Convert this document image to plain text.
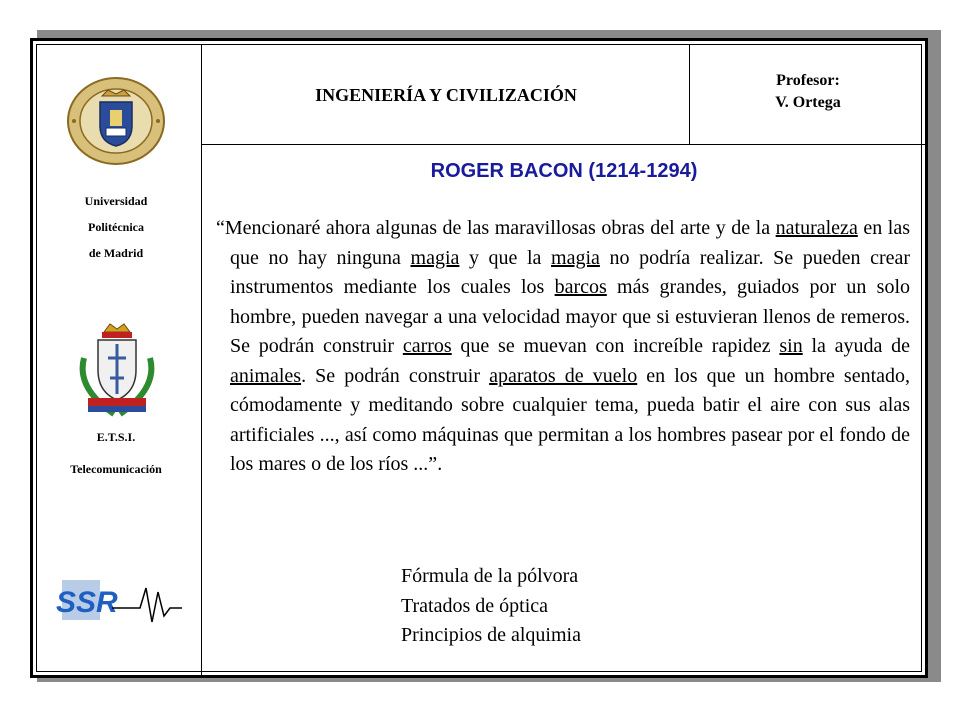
INGENIERÍA Y CIVILIZACIÓN
Profesor:
V. Ortega
Universidad
Politécnica
de Madrid
E.T.S.I.
Telecomunicación
SSR
ROGER BACON (1214-1294)
“Mencionaré ahora algunas de las maravillosas obras del arte y de la naturaleza en las que no hay ninguna magia y que la magia no podría realizar. Se pueden crear instrumentos mediante los cuales los barcos más grandes, guiados por un solo hombre, pueden navegar a una velocidad mayor que si estuvieran llenos de remeros. Se podrán construir carros que se muevan con increíble rapidez sin la ayuda de animales. Se podrán construir aparatos de vuelo en los que un hombre sentado, cómodamente y meditando sobre cualquier tema, pueda batir el aire con sus alas artificiales ..., así como máquinas que permitan a los hombres pasear por el fondo de los mares o de los ríos ...”.
Fórmula de la pólvora
Tratados de óptica
Principios de alquimia
